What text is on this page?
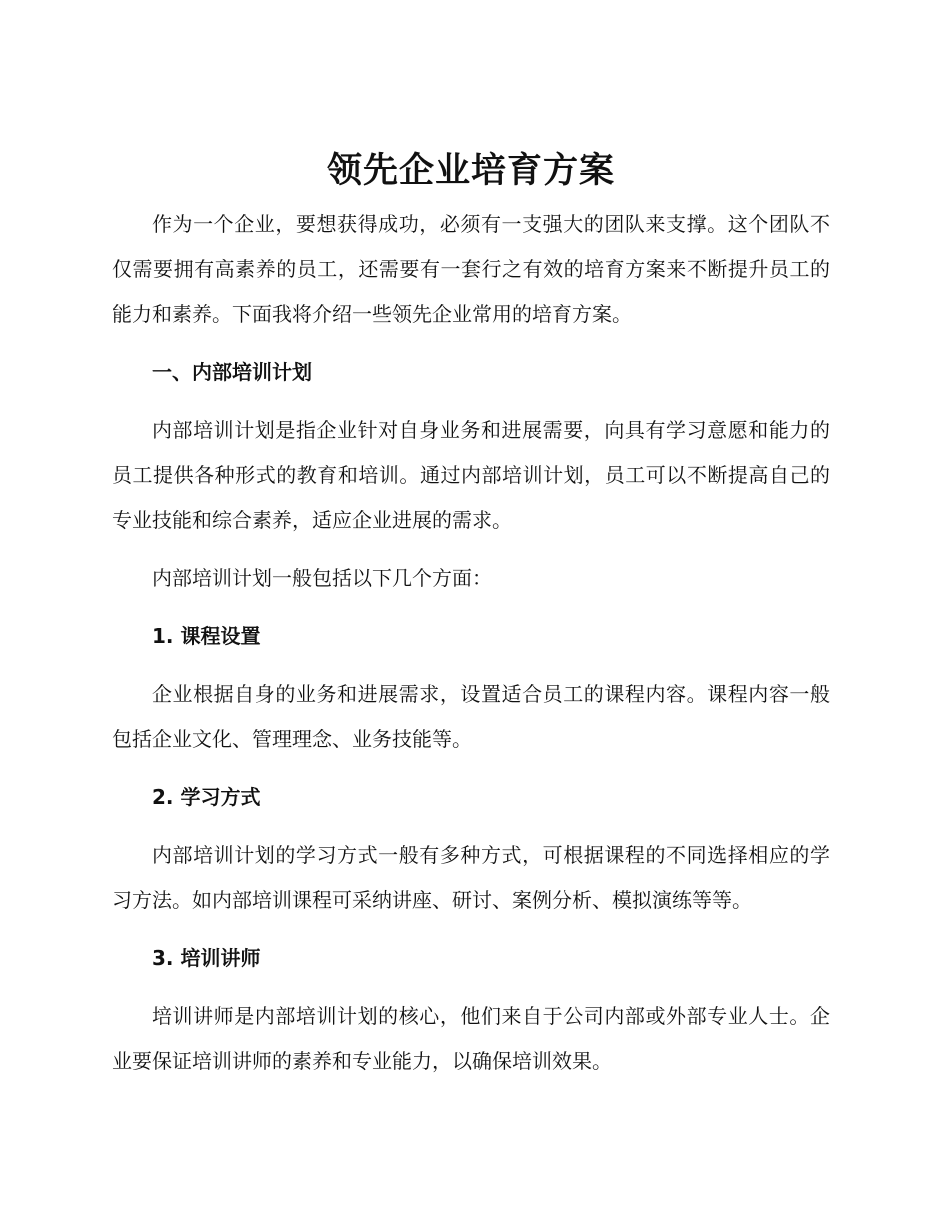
领先企业培育方案

作为一个企业，要想获得成功，必须有一支强大的团队来支撑。这个团队不仅需要拥有高素养的员工，还需要有一套行之有效的培育方案来不断提升员工的能力和素养。下面我将介绍一些领先企业常用的培育方案。

一、内部培训计划

内部培训计划是指企业针对自身业务和进展需要，向具有学习意愿和能力的员工提供各种形式的教育和培训。通过内部培训计划，员工可以不断提高自己的专业技能和综合素养，适应企业进展的需求。

内部培训计划一般包括以下几个方面：

1. 课程设置

企业根据自身的业务和进展需求，设置适合员工的课程内容。课程内容一般包括企业文化、管理理念、业务技能等。

2. 学习方式

内部培训计划的学习方式一般有多种方式，可根据课程的不同选择相应的学习方法。如内部培训课程可采纳讲座、研讨、案例分析、模拟演练等等。

3. 培训讲师

培训讲师是内部培训计划的核心，他们来自于公司内部或外部专业人士。企业要保证培训讲师的素养和专业能力，以确保培训效果。
